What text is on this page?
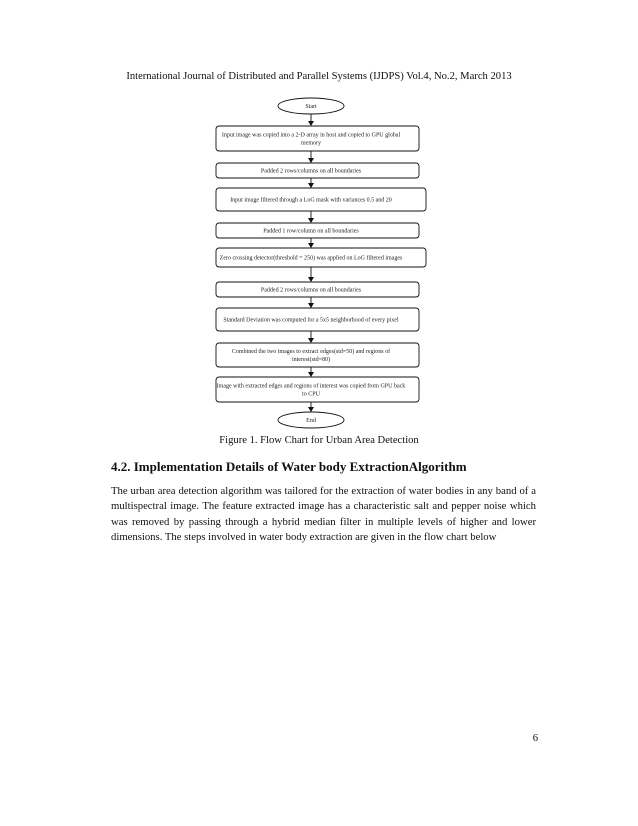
International Journal of Distributed and Parallel Systems (IJDPS) Vol.4, No.2, March 2013
Start
Input image was copied into a 2-D array in host and copied to GPU global
memory
Padded 2 rows/columns on all boundaries
Input image filtered through a LoG mask with variances 0.5 and 20
Padded 1 row/column on all boundaries
Zero crossing detector(threshold = 250) was applied on LoG filtered images
Padded 2 rows/columns on all boundaries
Standard Deviation was computed for a 5x5 neighborhood of every pixel
Combined the two images to extract edges(std=50) and regions of
interest(std=80)
Image with extracted edges and regions of interest was copied from GPU back
to CPU
End
Figure 1. Flow Chart for Urban Area Detection
4.2. Implementation Details of Water body ExtractionAlgorithm
The urban area detection algorithm was tailored for the extraction of water bodies in any band of a multispectral image. The feature extracted image has a characteristic salt and pepper noise which was removed by passing through a hybrid median filter in multiple levels of higher and lower dimensions. The steps involved in water body extraction are given in the flow chart below
6
